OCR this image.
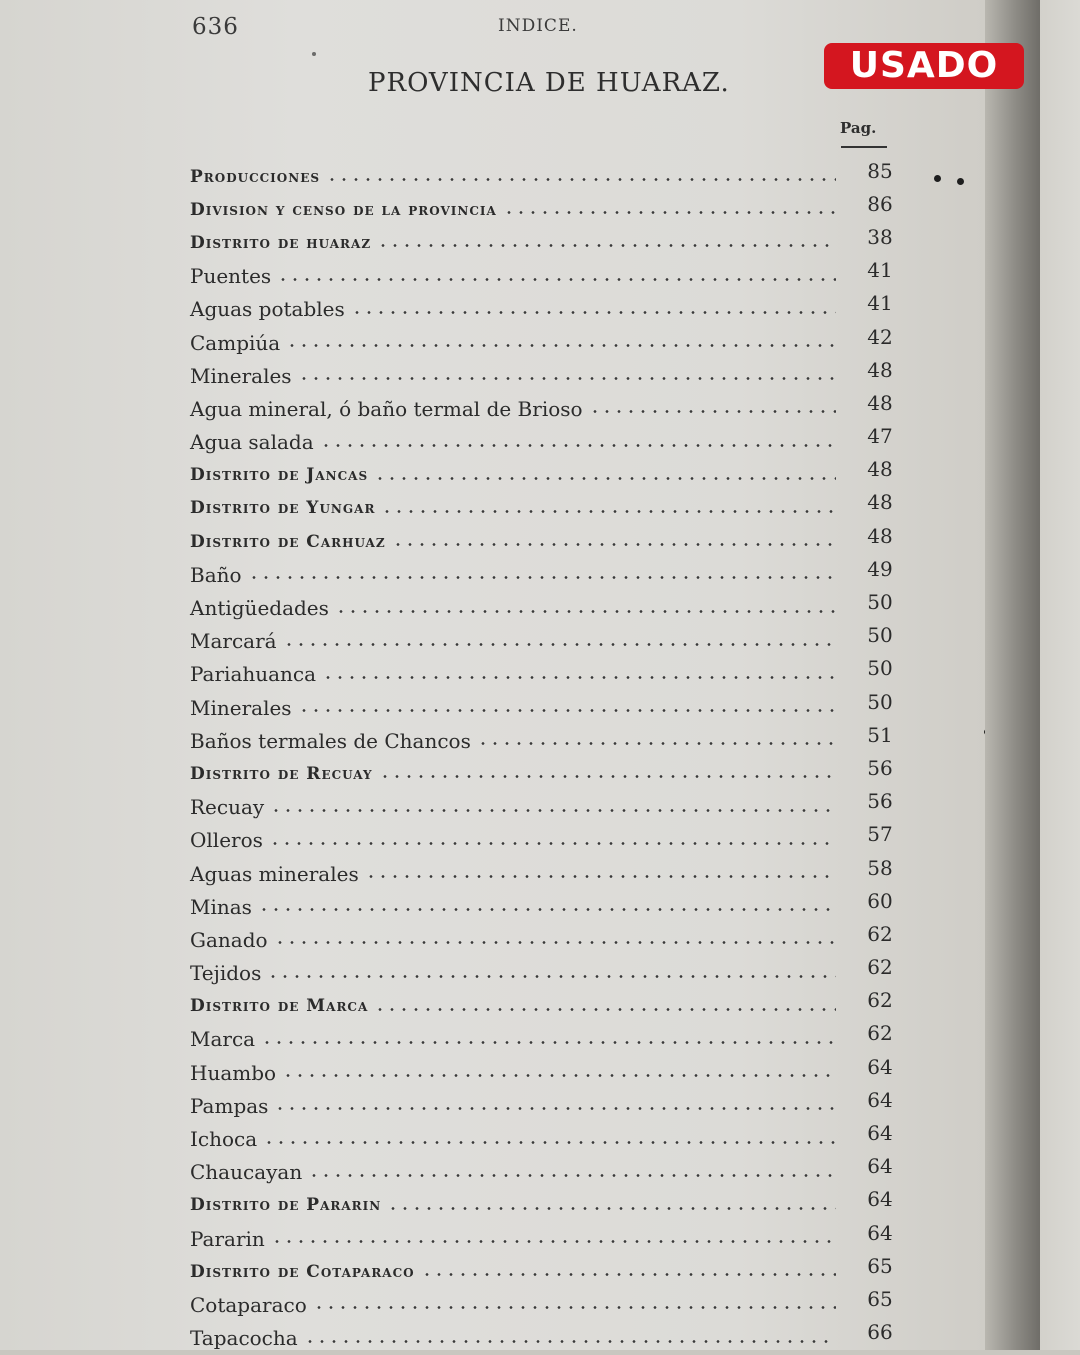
636	INDICE.
PROVINCIA DE HUARAZ.
Pag.
Producciones	85
Division y censo de la provincia	86
Distrito de huaraz	38
Puentes	41
Aguas potables	41
Campiúa	42
Minerales	48
Agua mineral, ó baño termal de Brioso	48
Agua salada	47
Distrito de Jancas	48
Distrito de Yungar	48
Distrito de Carhuaz	48
Baño	49
Antigüedades	50
Marcará	50
Pariahuanca	50
Minerales	50
Baños termales de Chancos	51
Distrito de Recuay	56
Recuay	56
Olleros	57
Aguas minerales	58
Minas	60
Ganado	62
Tejidos	62
Distrito de Marca	62
Marca	62
Huambo	64
Pampas	64
Ichoca	64
Chaucayan	64
Distrito de Pararin	64
Pararin	64
Distrito de Cotaparaco	65
Cotaparaco	65
Tapacocha	66
USADO
